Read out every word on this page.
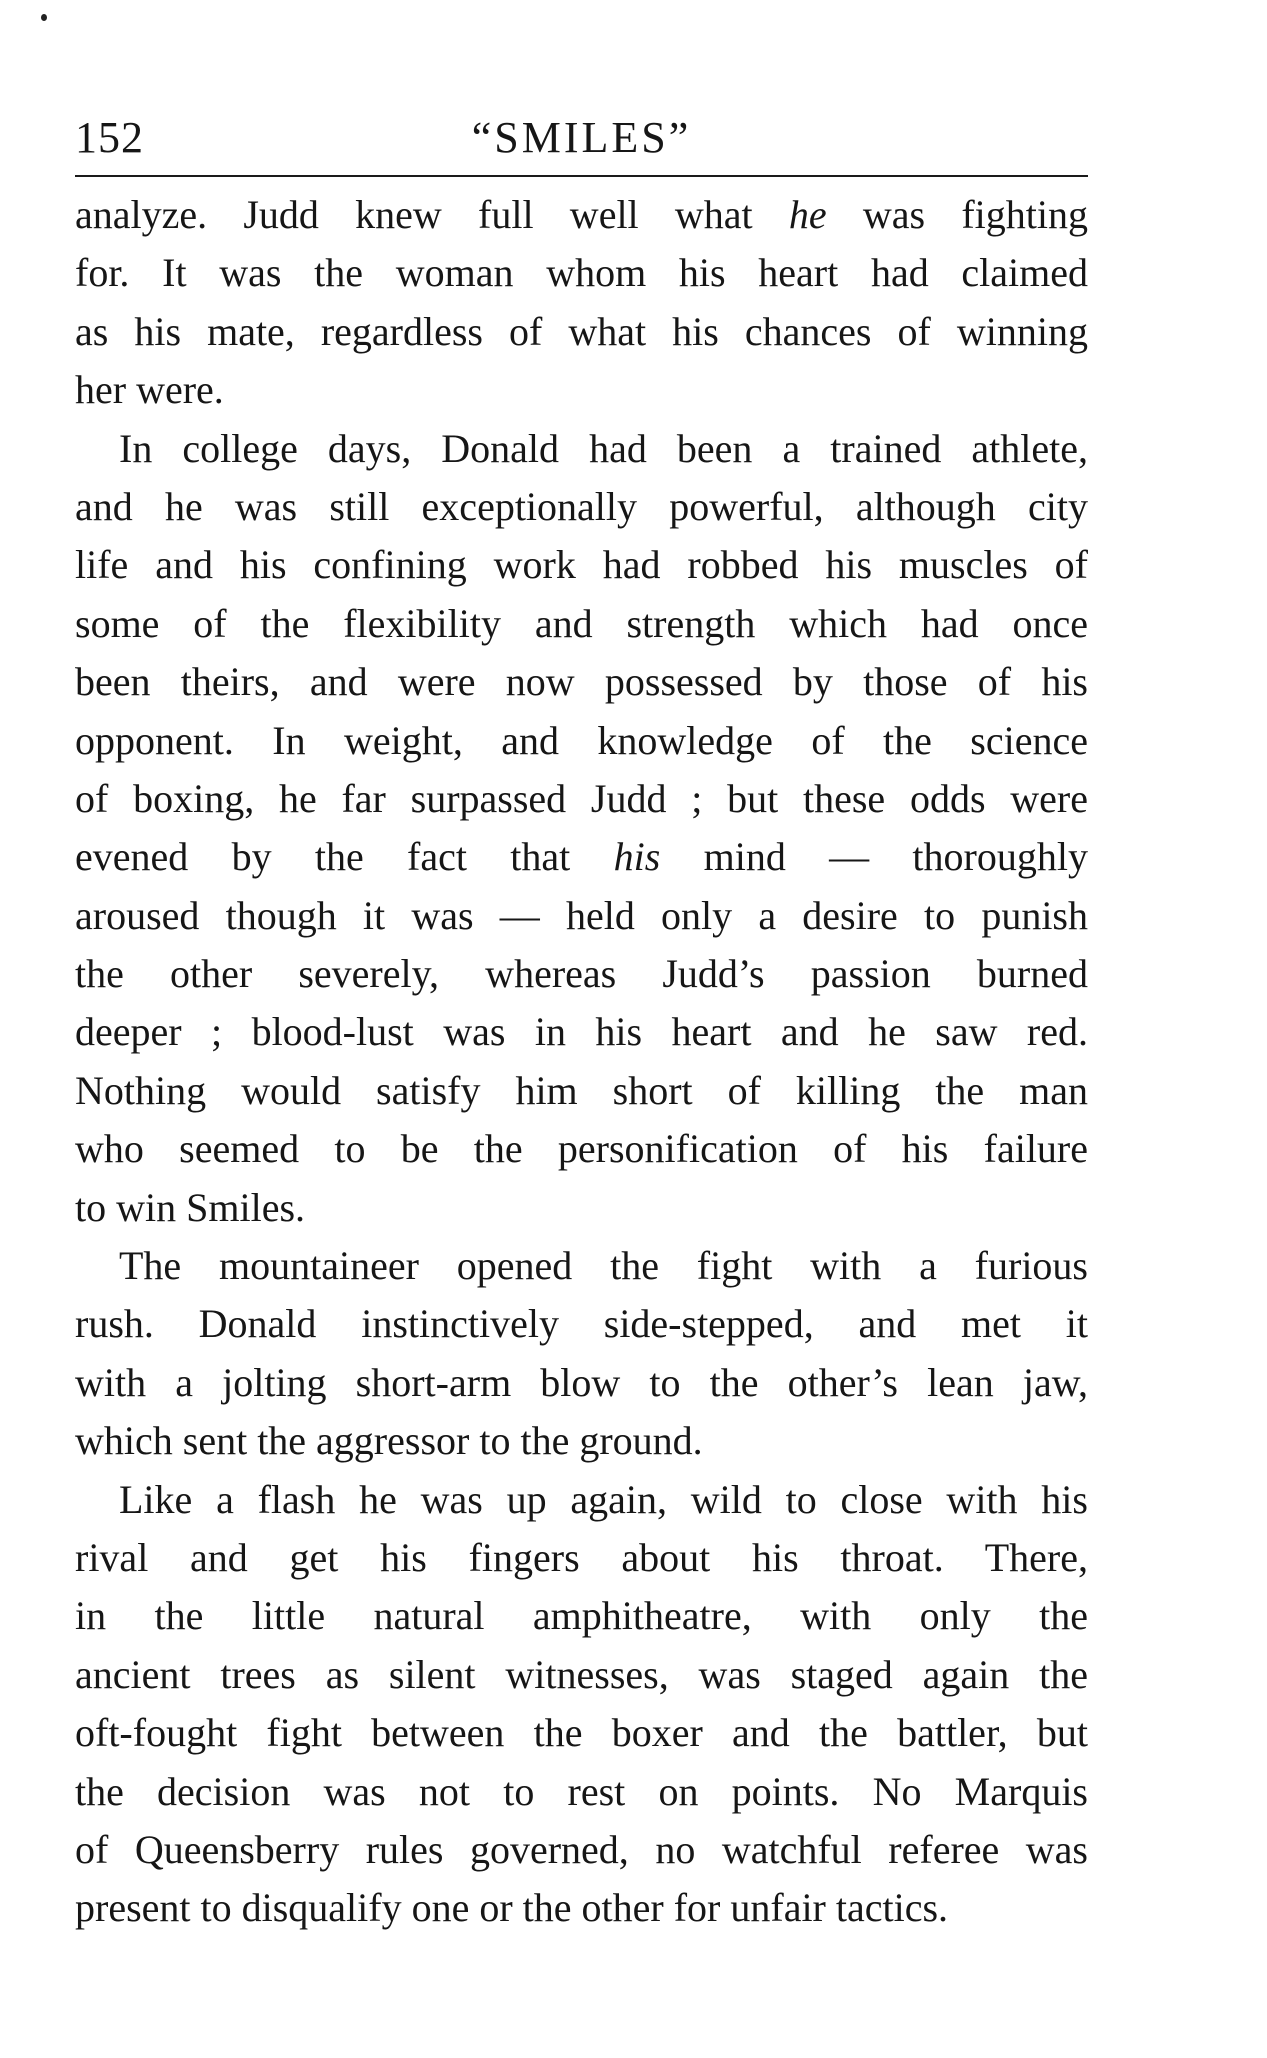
152	“SMILES”
analyze. Judd knew full well what he was fighting
for. It was the woman whom his heart had claimed
as his mate, regardless of what his chances of winning
her were.
In college days, Donald had been a trained athlete,
and he was still exceptionally powerful, although city
life and his confining work had robbed his muscles of
some of the flexibility and strength which had once
been theirs, and were now possessed by those of his
opponent. In weight, and knowledge of the science
of boxing, he far surpassed Judd ; but these odds were
evened by the fact that his mind — thoroughly
aroused though it was — held only a desire to punish
the other severely, whereas Judd’s passion burned
deeper ; blood-lust was in his heart and he saw red.
Nothing would satisfy him short of killing the man
who seemed to be the personification of his failure
to win Smiles.
The mountaineer opened the fight with a furious
rush. Donald instinctively side-stepped, and met it
with a jolting short-arm blow to the other’s lean jaw,
which sent the aggressor to the ground.
Like a flash he was up again, wild to close with his
rival and get his fingers about his throat. There,
in the little natural amphitheatre, with only the
ancient trees as silent witnesses, was staged again the
oft-fought fight between the boxer and the battler, but
the decision was not to rest on points. No Marquis
of Queensberry rules governed, no watchful referee was
present to disqualify one or the other for unfair tactics.
